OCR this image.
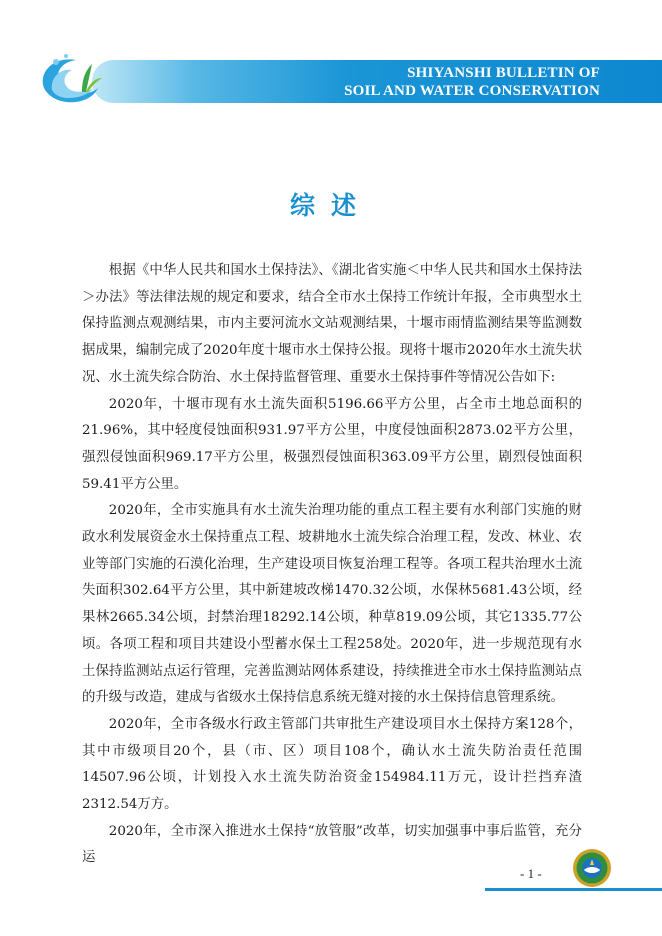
SHIYANSHI BULLETIN OF
SOIL AND WATER CONSERVATION
综述

根据《中华人民共和国水土保持法》、《湖北省实施＜中华人民共和国水土保持法＞办法》等法律法规的规定和要求，结合全市水土保持工作统计年报，全市典型水土保持监测点观测结果，市内主要河流水文站观测结果，十堰市雨情监测结果等监测数据成果，编制完成了2020年度十堰市水土保持公报。现将十堰市2020年水土流失状况、水土流失综合防治、水土保持监督管理、重要水土保持事件等情况公告如下:

2020年，十堰市现有水土流失面积5196.66平方公里，占全市土地总面积的21.96%，其中轻度侵蚀面积931.97平方公里，中度侵蚀面积2873.02平方公里，强烈侵蚀面积969.17平方公里，极强烈侵蚀面积363.09平方公里，剧烈侵蚀面积59.41平方公里。

2020年，全市实施具有水土流失治理功能的重点工程主要有水利部门实施的财政水利发展资金水土保持重点工程、坡耕地水土流失综合治理工程，发改、林业、农业等部门实施的石漠化治理，生产建设项目恢复治理工程等。各项工程共治理水土流失面积302.64平方公里，其中新建坡改梯1470.32公顷，水保林5681.43公顷，经果林2665.34公顷，封禁治理18292.14公顷，种草819.09公顷，其它1335.77公顷。各项工程和项目共建设小型蓄水保土工程258处。2020年，进一步规范现有水土保持监测站点运行管理，完善监测站网体系建设，持续推进全市水土保持监测站点的升级与改造，建成与省级水土保持信息系统无缝对接的水土保持信息管理系统。

2020年，全市各级水行政主管部门共审批生产建设项目水土保持方案128个，其中市级项目20个，县（市、区）项目108个，确认水土流失防治责任范围14507.96公顷，计划投入水土流失防治资金154984.11万元，设计拦挡弃渣2312.54万方。

2020年，全市深入推进水土保持“放管服”改革，切实加强事中事后监管，充分运

- 1 -
